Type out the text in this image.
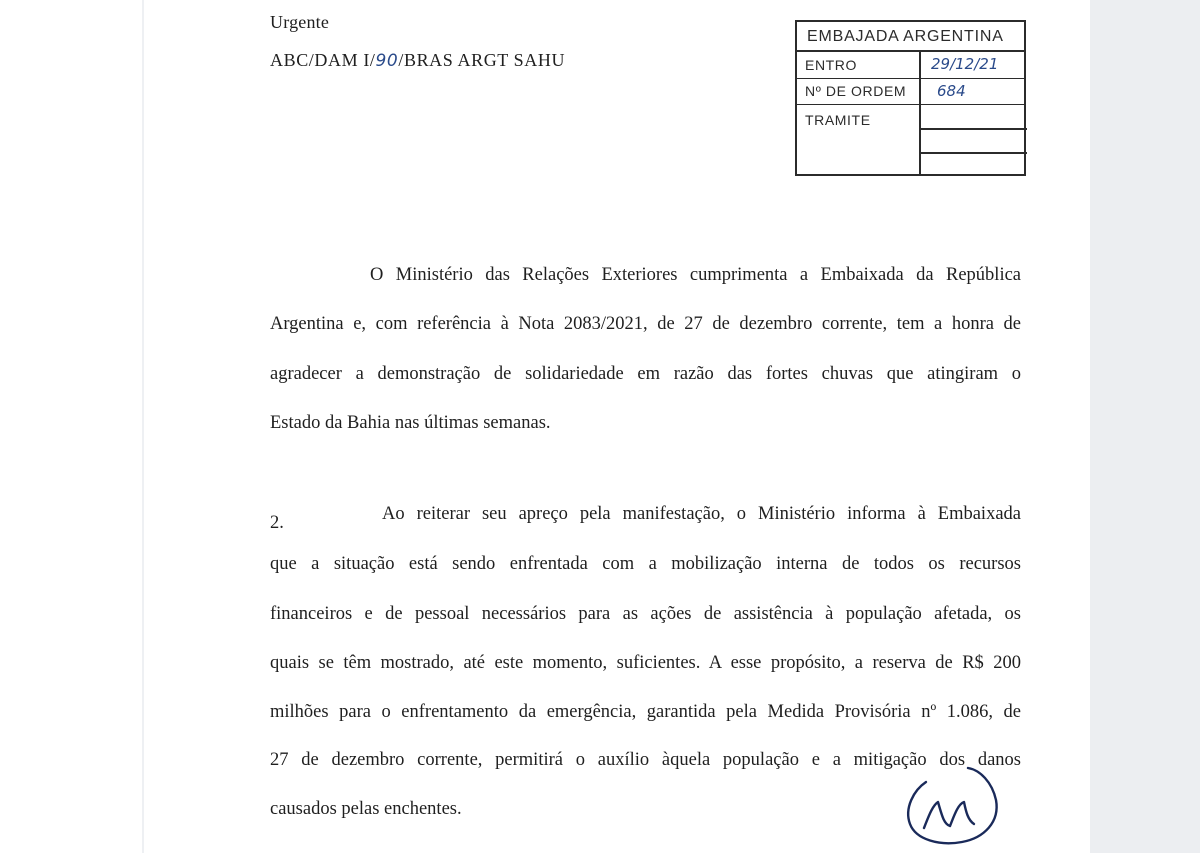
Urgente
ABC/DAM I/90/BRAS ARGT SAHU
EMBAJADA ARGENTINA
ENTRO	29/12/21
Nº DE ORDEM 684
TRAMITE
O Ministério das Relações Exteriores cumprimenta a Embaixada da República
Argentina e, com referência à Nota 2083/2021, de 27 de dezembro corrente, tem a honra de
agradecer a demonstração de solidariedade em razão das fortes chuvas que atingiram o
Estado da Bahia nas últimas semanas.
2.	Ao reiterar seu apreço pela manifestação, o Ministério informa à Embaixada
que a situação está sendo enfrentada com a mobilização interna de todos os recursos
financeiros e de pessoal necessários para as ações de assistência à população afetada, os
quais se têm mostrado, até este momento, suficientes. A esse propósito, a reserva de R$ 200
milhões para o enfrentamento da emergência, garantida pela Medida Provisória nº 1.086, de
27 de dezembro corrente, permitirá o auxílio àquela população e a mitigação dos danos
causados pelas enchentes.
